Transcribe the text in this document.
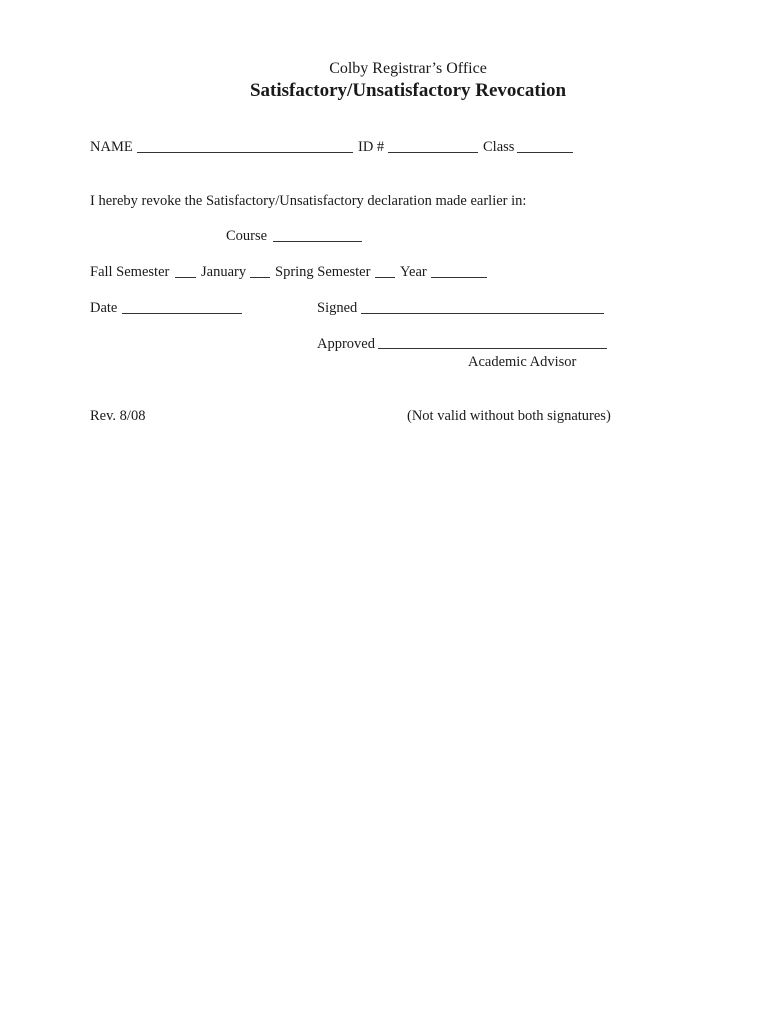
Colby Registrar’s Office
Satisfactory/Unsatisfactory Revocation
NAME	ID #	Class
I hereby revoke the Satisfactory/Unsatisfactory declaration made earlier in:
Course
Fall Semester January Spring Semester Year
Date	Signed
Approved
Academic Advisor
Rev. 8/08	(Not valid without both signatures)
